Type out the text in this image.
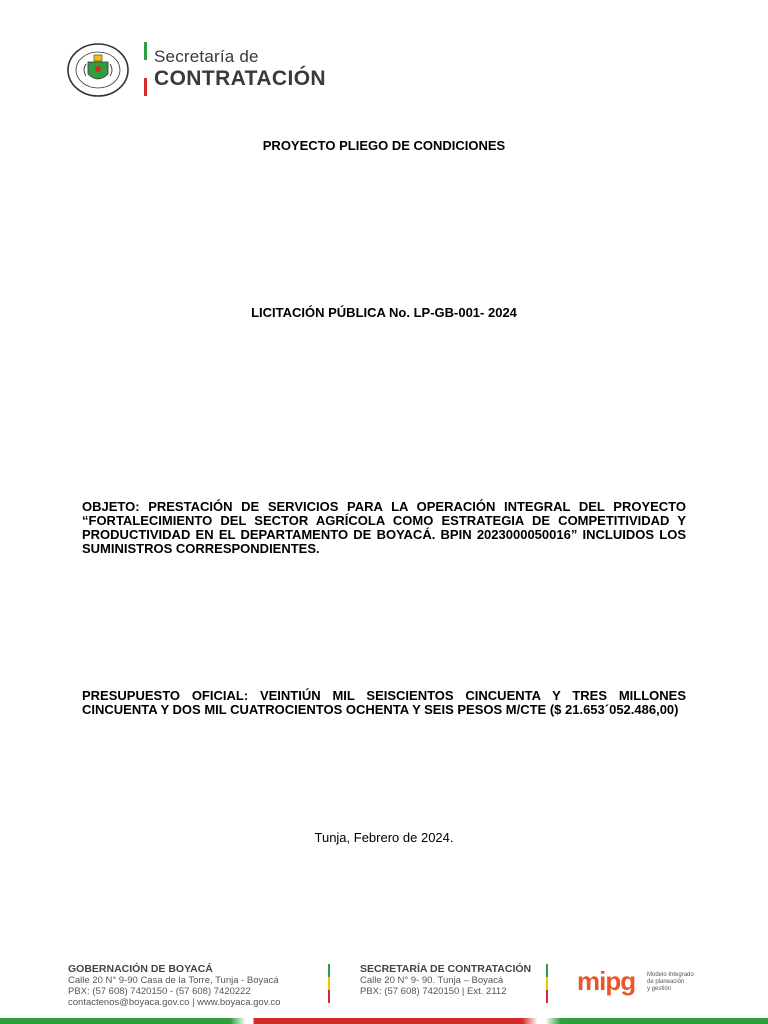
Secretaría de
CONTRATACIÓN
PROYECTO PLIEGO DE CONDICIONES
LICITACIÓN PÚBLICA No. LP-GB-001- 2024
OBJETO: PRESTACIÓN DE SERVICIOS PARA LA OPERACIÓN INTEGRAL DEL PROYECTO “FORTALECIMIENTO DEL SECTOR AGRÍCOLA COMO ESTRATEGIA DE COMPETITIVIDAD Y PRODUCTIVIDAD EN EL DEPARTAMENTO DE BOYACÁ. BPIN 2023000050016” INCLUIDOS LOS SUMINISTROS CORRESPONDIENTES.
PRESUPUESTO OFICIAL: VEINTIÚN MIL SEISCIENTOS CINCUENTA Y TRES MILLONES CINCUENTA Y DOS MIL CUATROCIENTOS OCHENTA Y SEIS PESOS M/CTE ($ 21.653´052.486,00)
Tunja, Febrero de 2024.
GOBERNACIÓN DE BOYACÁ
Calle 20 N° 9-90 Casa de la Torre, Tunja - Boyacá
PBX: (57 608) 7420150 - (57 608) 7420222
contactenos@boyaca.gov.co | www.boyaca.gov.co
SECRETARÍA DE CONTRATACIÓN
Calle 20 N° 9- 90. Tunja – Boyacá
PBX: (57 608) 7420150 | Ext. 2112	mipg Modelo Integrado
de planeación
y gestión
